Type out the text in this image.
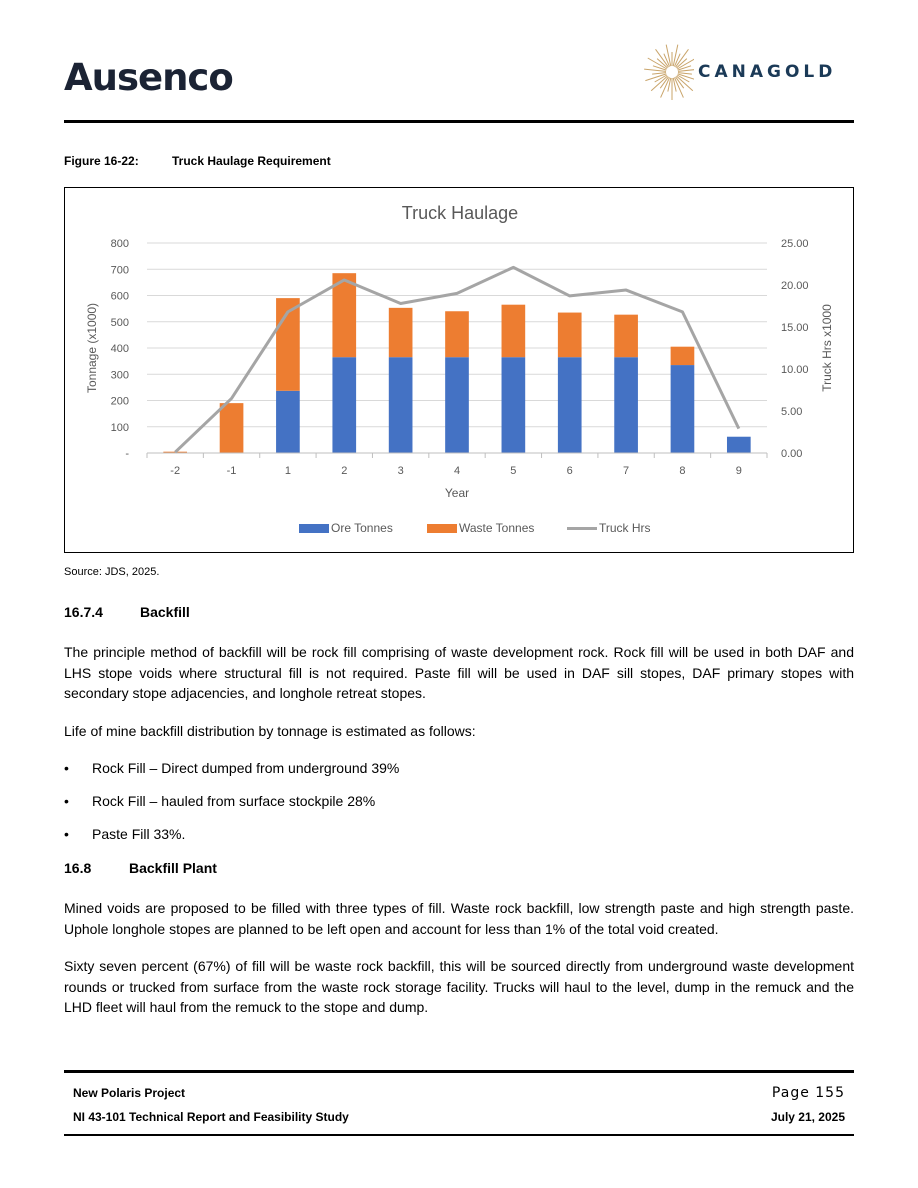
Ausenco	CANAGOLD
Figure 16-22:	Truck Haulage Requirement
Truck Haulage
-
100
200
300
400
500
600
700
800
0.00
5.00
10.00
15.00
20.00
25.00
Tonnage (x1000)	Truck Hrs x1000
Year
-2	-1	1	2	3	4	5	6	7	8	9
Ore Tonnes	Waste Tonnes	Truck Hrs
Source: JDS, 2025.
16.7.4	Backfill

The principle method of backfill will be rock fill comprising of waste development rock. Rock fill will be used in both DAF and LHS stope voids where structural fill is not required. Paste fill will be used in DAF sill stopes, DAF primary stopes with secondary stope adjacencies, and longhole retreat stopes.

Life of mine backfill distribution by tonnage is estimated as follows:

• Rock Fill – Direct dumped from underground 39%
• Rock Fill – hauled from surface stockpile 28%
• Paste Fill 33%.
16.8	Backfill Plant

Mined voids are proposed to be filled with three types of fill. Waste rock backfill, low strength paste and high strength paste. Uphole longhole stopes are planned to be left open and account for less than 1% of the total void created.

Sixty seven percent (67%) of fill will be waste rock backfill, this will be sourced directly from underground waste development rounds or trucked from surface from the waste rock storage facility. Trucks will haul to the level, dump in the remuck and the LHD fleet will haul from the remuck to the stope and dump.

New Polaris Project
NI 43-101 Technical Report and Feasibility Study
Page 155
July 21, 2025
